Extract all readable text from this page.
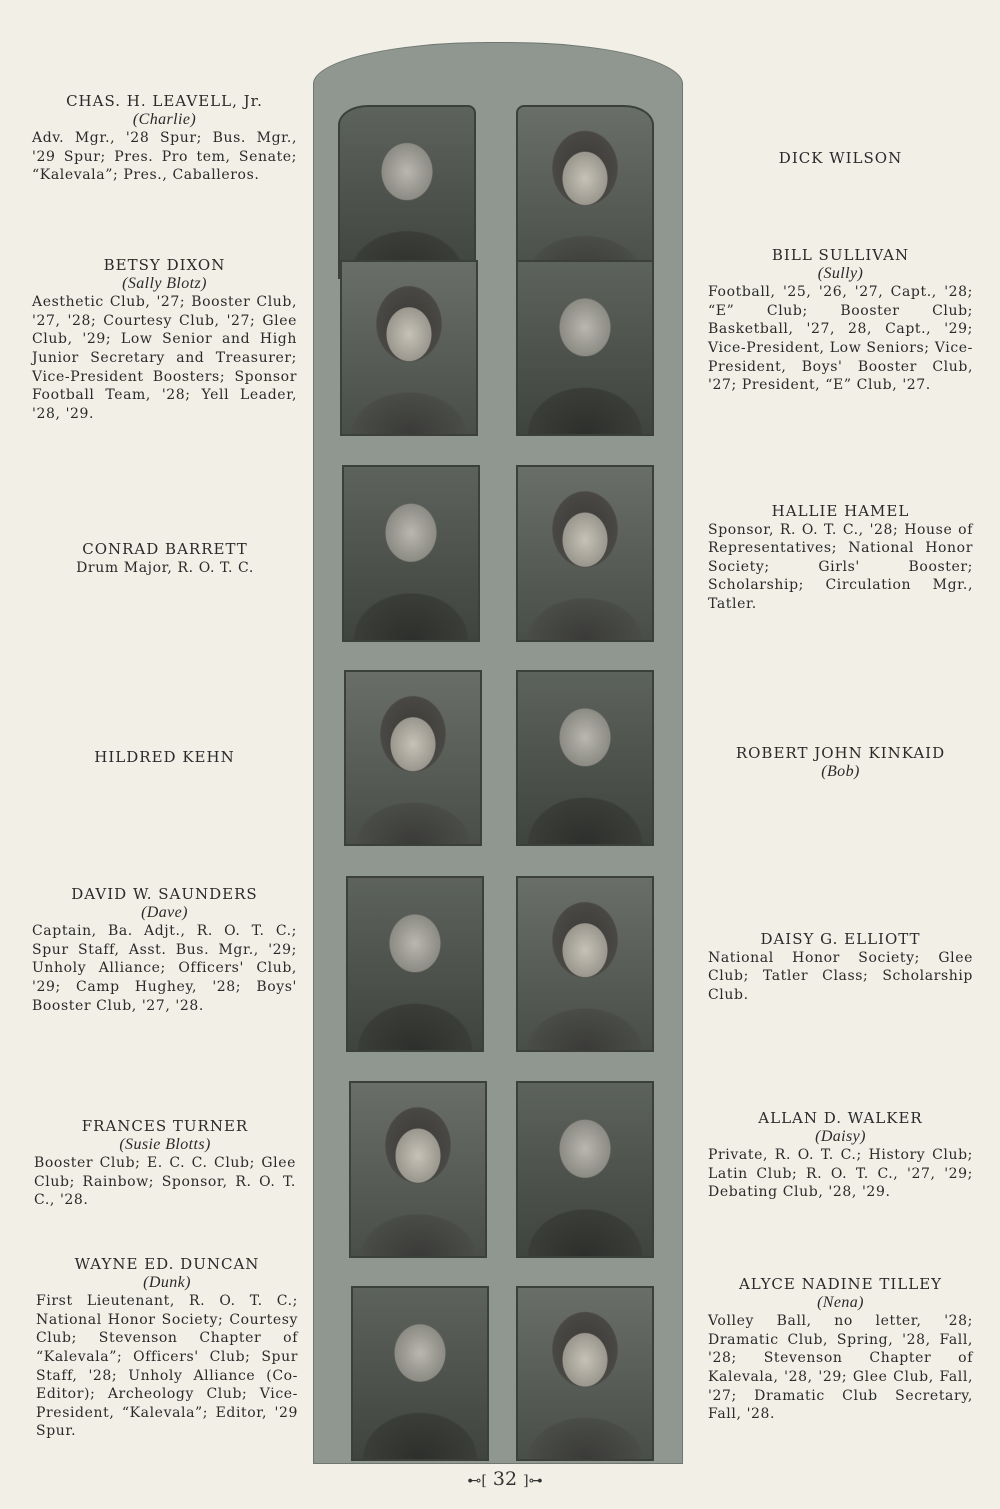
CHAS. H. LEAVELL, Jr.
(Charlie)
Adv. Mgr., '28 Spur; Bus. Mgr., '29 Spur; Pres. Pro tem, Senate; “Kalevala”; Pres., Caballeros.
BETSY DIXON
(Sally Blotz)
Aesthetic Club, '27; Booster Club, '27, '28; Courtesy Club, '27; Glee Club, '29; Low Senior and High Junior Secretary and Treasurer; Vice-President Boosters; Sponsor Football Team, '28; Yell Leader, '28, '29.
CONRAD BARRETT
Drum Major, R. O. T. C.
HILDRED KEHN
DAVID W. SAUNDERS
(Dave)
Captain, Ba. Adjt., R. O. T. C.; Spur Staff, Asst. Bus. Mgr., '29; Unholy Alliance; Officers' Club, '29; Camp Hughey, '28; Boys' Booster Club, '27, '28.
FRANCES TURNER
(Susie Blotts)
Booster Club; E. C. C. Club; Glee Club; Rainbow; Sponsor, R. O. T. C., '28.
WAYNE ED. DUNCAN
(Dunk)
First Lieutenant, R. O. T. C.; National Honor Society; Courtesy Club; Stevenson Chapter of “Kalevala”; Officers' Club; Spur Staff, '28; Unholy Alliance (Co-Editor); Archeology Club; Vice-President, “Kalevala”; Editor, '29 Spur.
DICK WILSON
BILL SULLIVAN
(Sully)
Football, '25, '26, '27, Capt., '28; “E” Club; Booster Club; Basketball, '27, 28, Capt., '29; Vice-President, Low Seniors; Vice-President, Boys' Booster Club, '27; President, “E” Club, '27.
HALLIE HAMEL
Sponsor, R. O. T. C., '28; House of Representatives; National Honor Society; Girls' Booster; Scholarship; Circulation Mgr., Tatler.
ROBERT JOHN KINKAID
(Bob)
DAISY G. ELLIOTT
National Honor Society; Glee Club; Tatler Class; Scholarship Club.
ALLAN D. WALKER
(Daisy)
Private, R. O. T. C.; History Club; Latin Club; R. O. T. C., '27, '29; Debating Club, '28, '29.
ALYCE NADINE TILLEY
(Nena)
Volley Ball, no letter, '28; Dramatic Club, Spring, '28, Fall, '28; Stevenson Chapter of Kalevala, '28, '29; Glee Club, Fall, '27; Dramatic Club Secretary, Fall, '28.
⊷[ 32 ]⊶
